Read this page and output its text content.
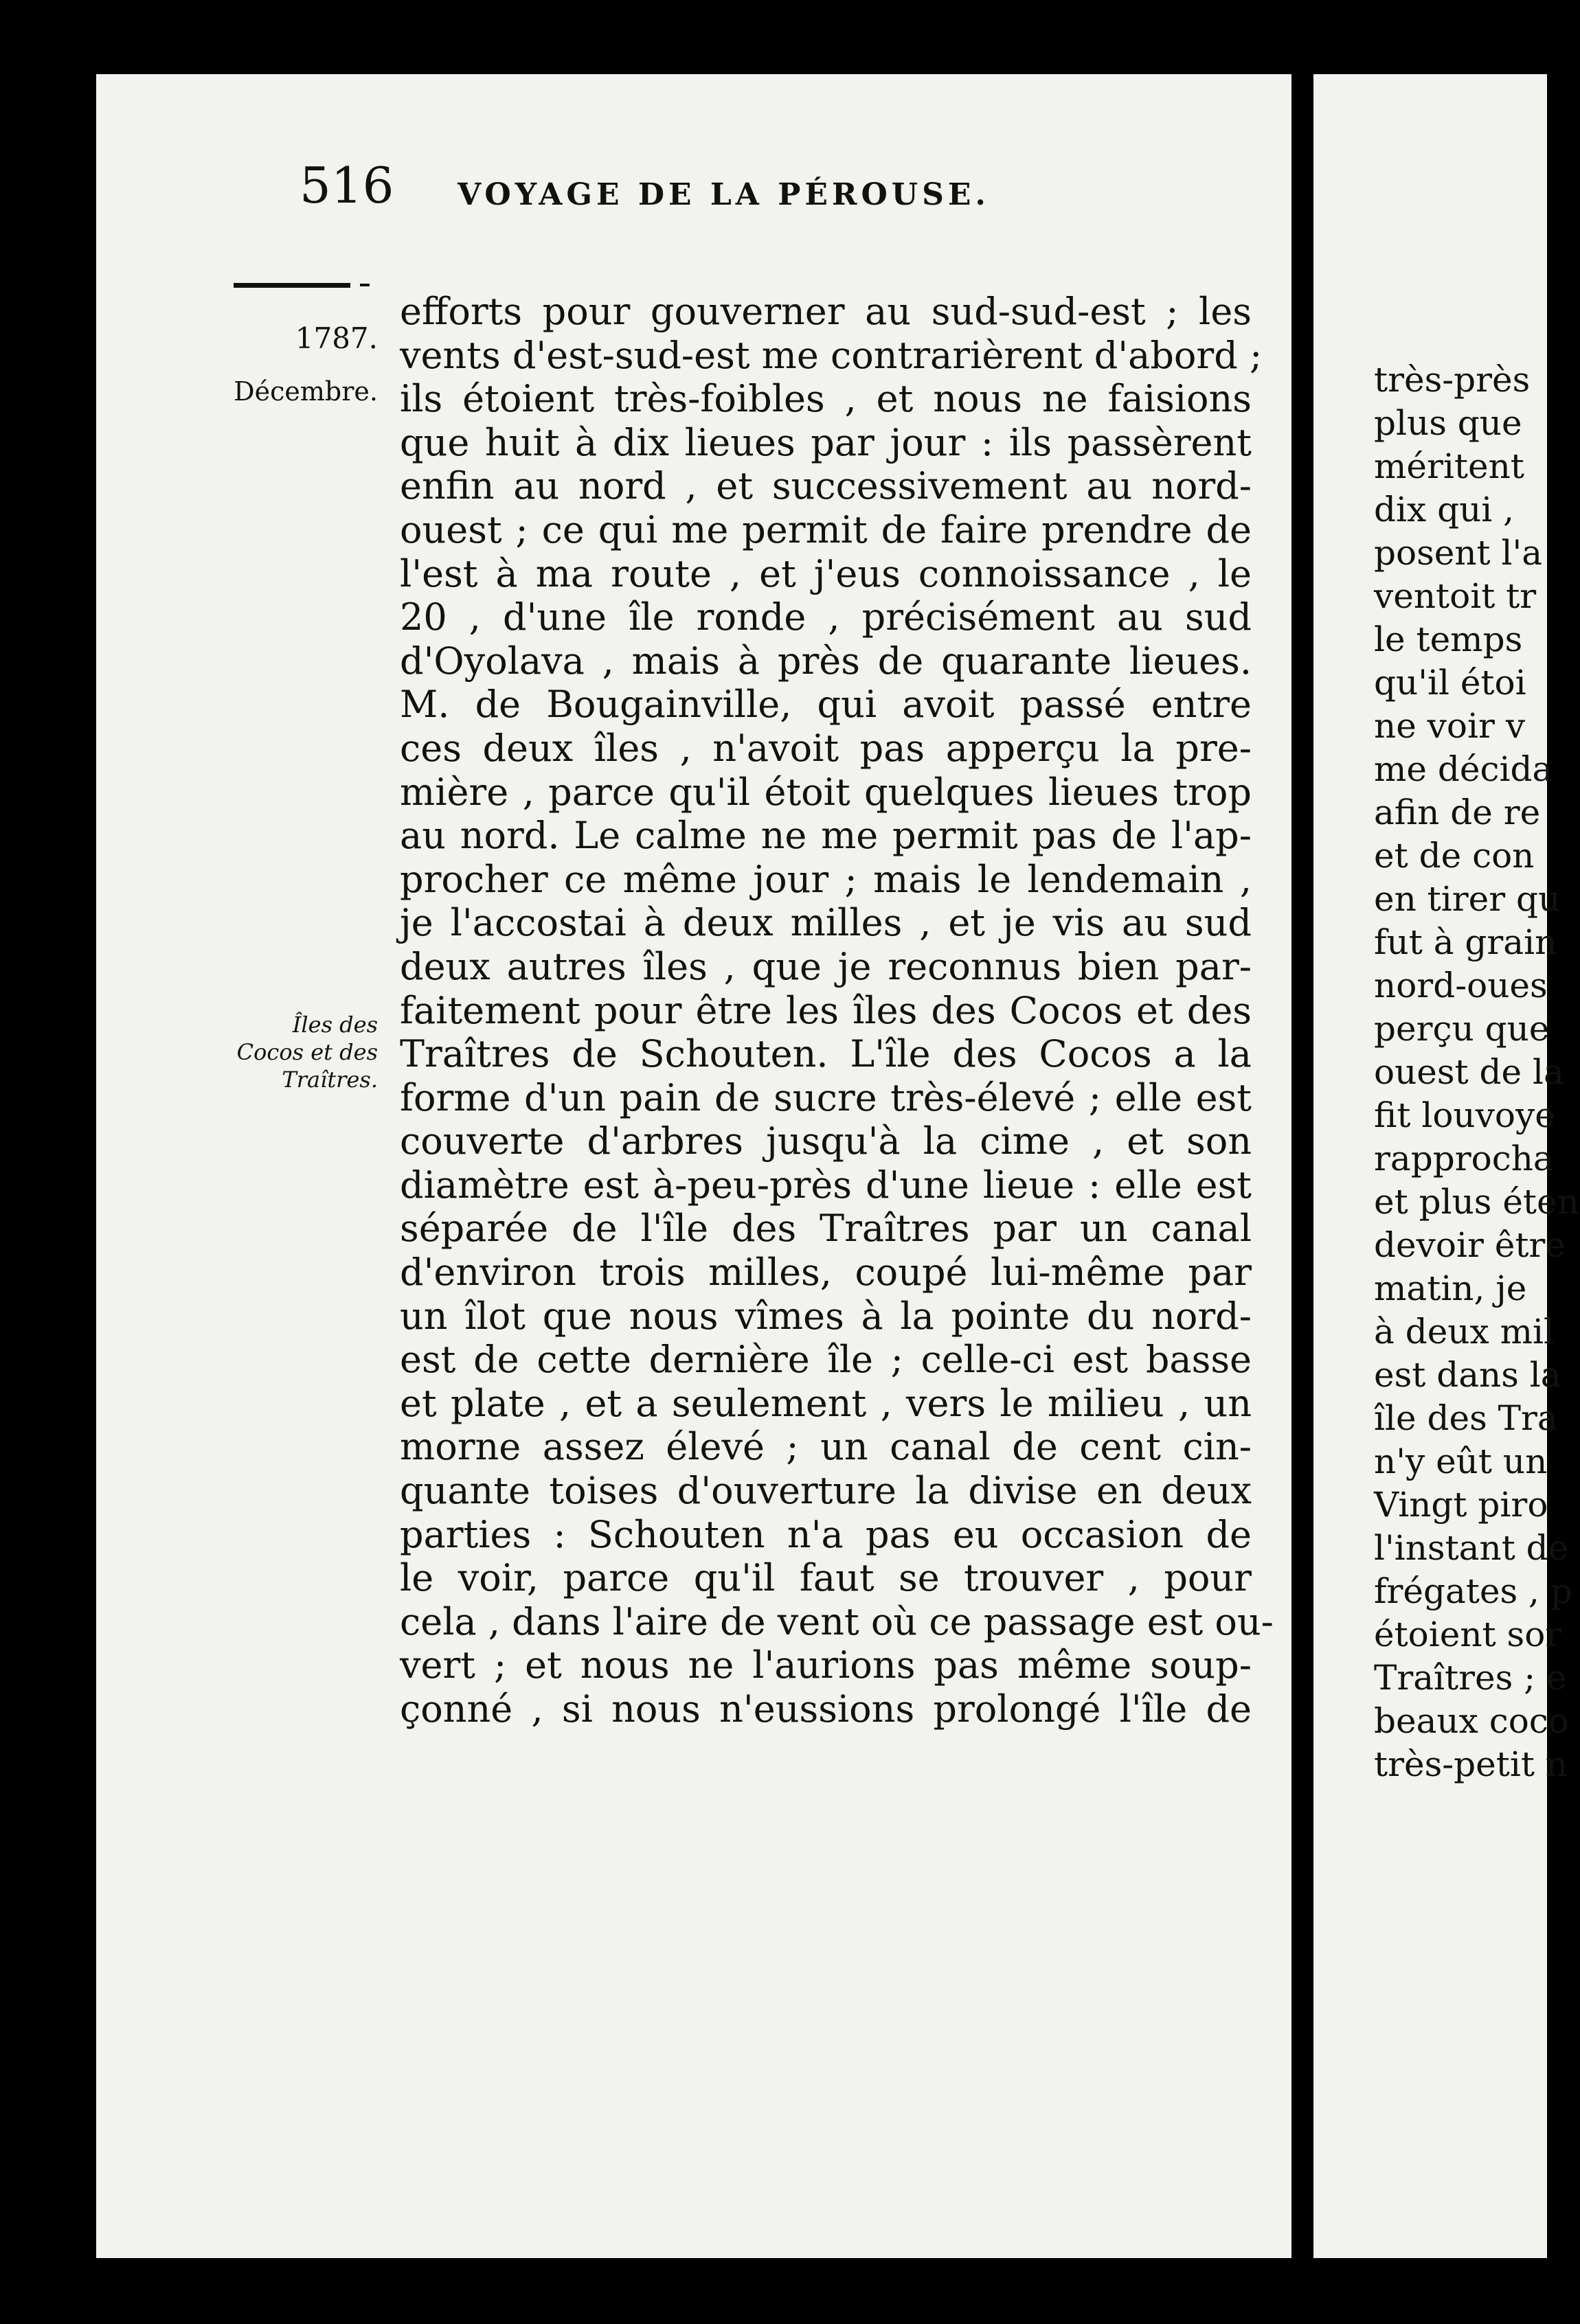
516 VOYAGE DE LA PÉROUSE.
1787.
Décembre.
Îles des
Cocos et des
Traîtres.
efforts pour gouverner au sud-sud-est ; les
vents d'est-sud-est me contrarièrent d'abord ;
ils étoient très-foibles , et nous ne faisions
que huit à dix lieues par jour : ils passèrent
enfin au nord , et successivement au nord-
ouest ; ce qui me permit de faire prendre de
l'est à ma route , et j'eus connoissance , le
20 , d'une île ronde , précisément au sud
d'Oyolava , mais à près de quarante lieues.
M. de Bougainville, qui avoit passé entre
ces deux îles , n'avoit pas apperçu la pre-
mière , parce qu'il étoit quelques lieues trop
au nord. Le calme ne me permit pas de l'ap-
procher ce même jour ; mais le lendemain ,
je l'accostai à deux milles , et je vis au sud
deux autres îles , que je reconnus bien par-
faitement pour être les îles des Cocos et des
Traîtres de Schouten. L'île des Cocos a la
forme d'un pain de sucre très-élevé ; elle est
couverte d'arbres jusqu'à la cime , et son
diamètre est à-peu-près d'une lieue : elle est
séparée de l'île des Traîtres par un canal
d'environ trois milles, coupé lui-même par
un îlot que nous vîmes à la pointe du nord-
est de cette dernière île ; celle-ci est basse
et plate , et a seulement , vers le milieu , un
morne assez élevé ; un canal de cent cin-
quante toises d'ouverture la divise en deux
parties : Schouten n'a pas eu occasion de
le voir, parce qu'il faut se trouver , pour
cela , dans l'aire de vent où ce passage est ou-
vert ; et nous ne l'aurions pas même soup-
çonné , si nous n'eussions prolongé l'île de
très-près
plus que
méritent
dix qui ,
posent l'a
ventoit tr
le temps
qu'il étoi
ne voir v
me décida
afin de re
et de con
en tirer qu
fut à grain
nord-oues
perçu que
ouest de la
fit louvoye
rapprocha
et plus éten
devoir être
matin, je
à deux mil
est dans la
île des Tra
n'y eût un
Vingt piro
l'instant de
frégates , p
étoient sor
Traîtres ; e
beaux coco
très-petit n
